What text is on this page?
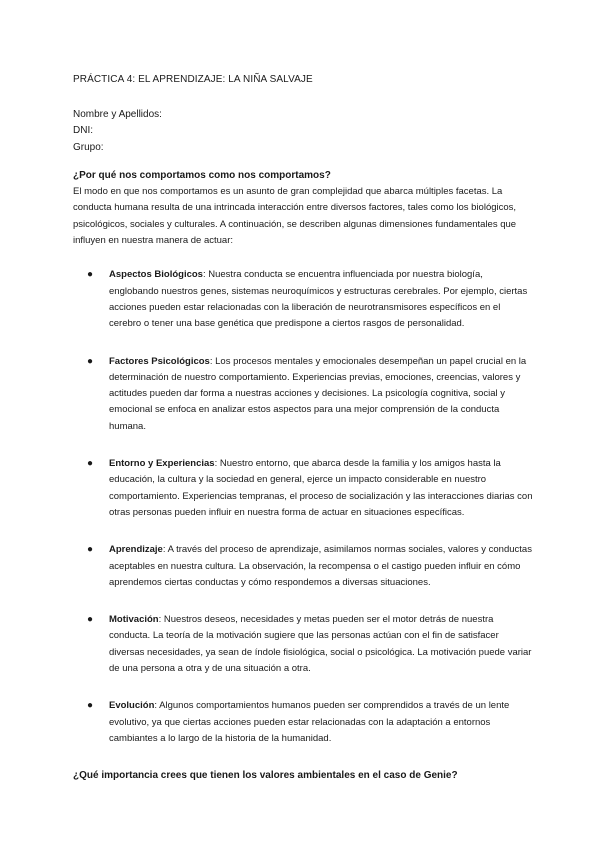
PRÁCTICA 4: EL APRENDIZAJE: LA NIÑA SALVAJE
Nombre y Apellidos:
DNI:
Grupo:
¿Por qué nos comportamos como nos comportamos?
El modo en que nos comportamos es un asunto de gran complejidad que abarca múltiples facetas. La conducta humana resulta de una intrincada interacción entre diversos factores, tales como los biológicos, psicológicos, sociales y culturales. A continuación, se describen algunas dimensiones fundamentales que influyen en nuestra manera de actuar:
● Aspectos Biológicos: Nuestra conducta se encuentra influenciada por nuestra biología, englobando nuestros genes, sistemas neuroquímicos y estructuras cerebrales. Por ejemplo, ciertas acciones pueden estar relacionadas con la liberación de neurotransmisores específicos en el cerebro o tener una base genética que predispone a ciertos rasgos de personalidad.
● Factores Psicológicos: Los procesos mentales y emocionales desempeñan un papel crucial en la determinación de nuestro comportamiento. Experiencias previas, emociones, creencias, valores y actitudes pueden dar forma a nuestras acciones y decisiones. La psicología cognitiva, social y emocional se enfoca en analizar estos aspectos para una mejor comprensión de la conducta humana.
● Entorno y Experiencias: Nuestro entorno, que abarca desde la familia y los amigos hasta la educación, la cultura y la sociedad en general, ejerce un impacto considerable en nuestro comportamiento. Experiencias tempranas, el proceso de socialización y las interacciones diarias con otras personas pueden influir en nuestra forma de actuar en situaciones específicas.
● Aprendizaje: A través del proceso de aprendizaje, asimilamos normas sociales, valores y conductas aceptables en nuestra cultura. La observación, la recompensa o el castigo pueden influir en cómo aprendemos ciertas conductas y cómo respondemos a diversas situaciones.
● Motivación: Nuestros deseos, necesidades y metas pueden ser el motor detrás de nuestra conducta. La teoría de la motivación sugiere que las personas actúan con el fin de satisfacer diversas necesidades, ya sean de índole fisiológica, social o psicológica. La motivación puede variar de una persona a otra y de una situación a otra.
● Evolución: Algunos comportamientos humanos pueden ser comprendidos a través de un lente evolutivo, ya que ciertas acciones pueden estar relacionadas con la adaptación a entornos cambiantes a lo largo de la historia de la humanidad.
¿Qué importancia crees que tienen los valores ambientales en el caso de Genie?
